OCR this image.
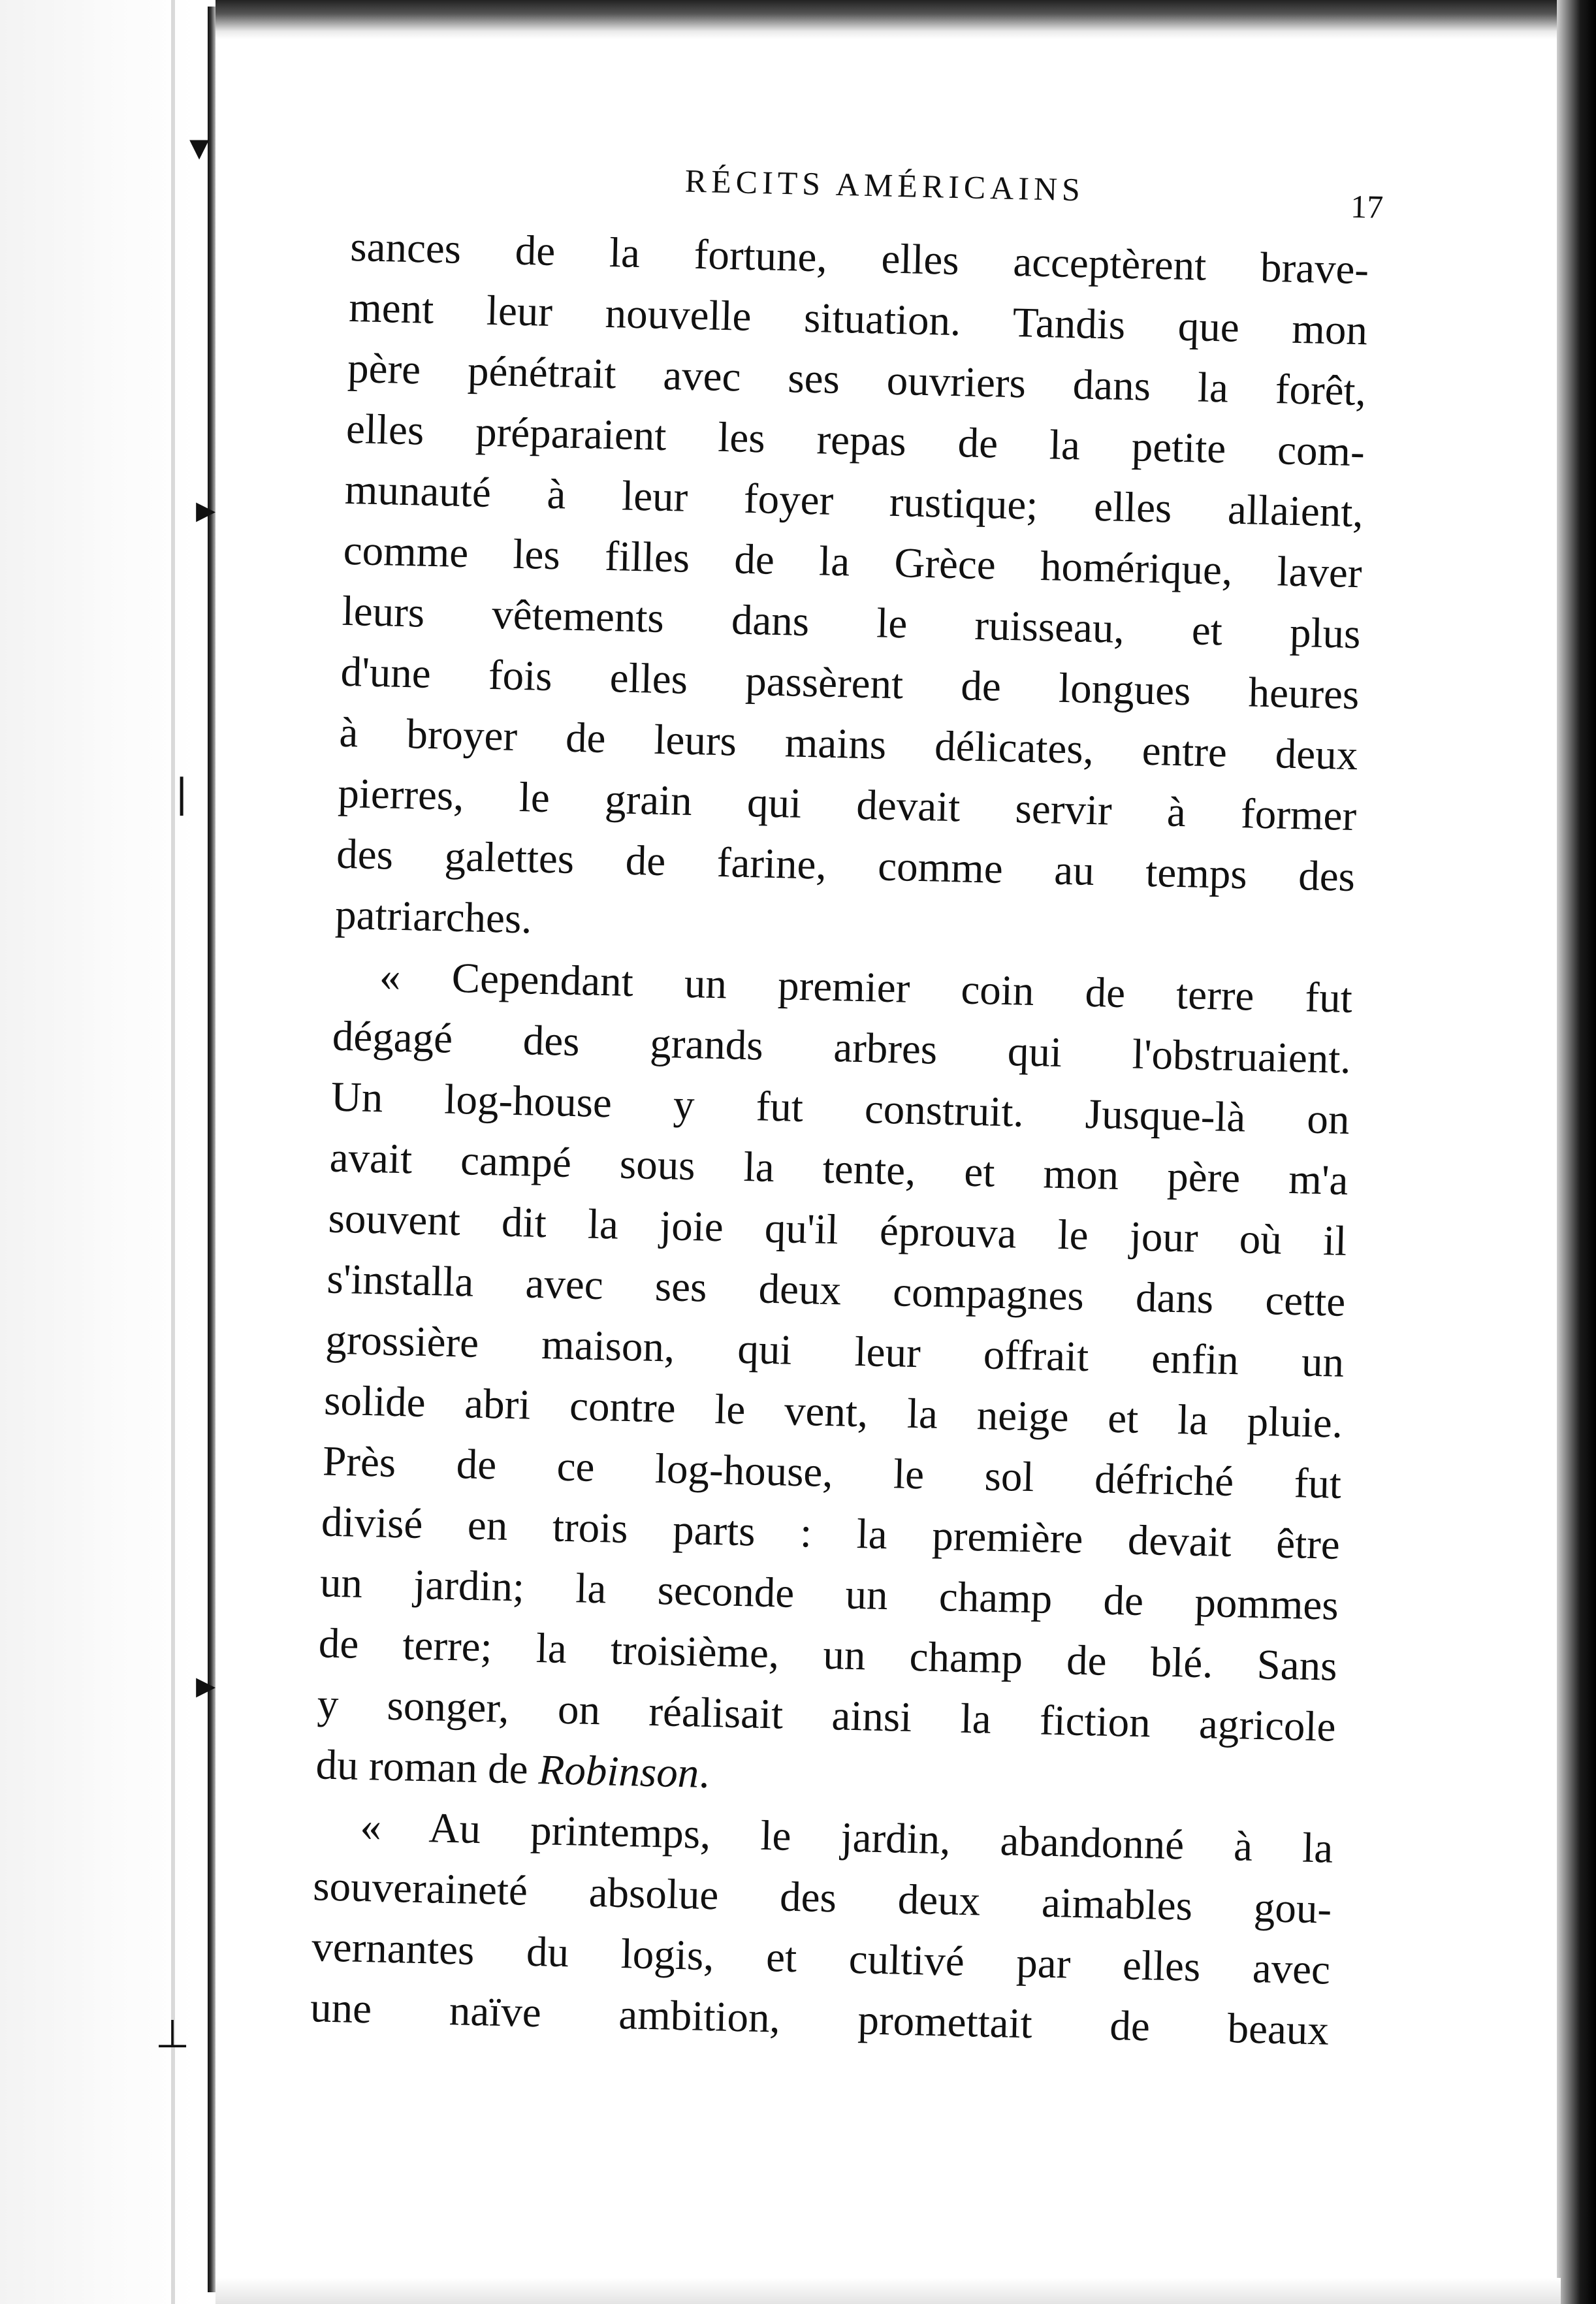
▾
▸
|
▸
⊥
RÉCITS AMÉRICAINS	17
sances de la fortune, elles acceptèrent brave-
ment leur nouvelle situation. Tandis que mon
père pénétrait avec ses ouvriers dans la forêt,
elles préparaient les repas de la petite com-
munauté à leur foyer rustique; elles allaient,
comme les filles de la Grèce homérique, laver
leurs vêtements dans le ruisseau, et plus
d'une fois elles passèrent de longues heures
à broyer de leurs mains délicates, entre deux
pierres, le grain qui devait servir à former
des galettes de farine, comme au temps des
patriarches.
« Cependant un premier coin de terre fut
dégagé des grands arbres qui l'obstruaient.
Un log-house y fut construit. Jusque-là on
avait campé sous la tente, et mon père m'a
souvent dit la joie qu'il éprouva le jour où il
s'installa avec ses deux compagnes dans cette
grossière maison, qui leur offrait enfin un
solide abri contre le vent, la neige et la pluie.
Près de ce log-house, le sol défriché fut
divisé en trois parts : la première devait être
un jardin; la seconde un champ de pommes
de terre; la troisième, un champ de blé. Sans
y songer, on réalisait ainsi la fiction agricole
du roman de Robinson.
« Au printemps, le jardin, abandonné à la
souveraineté absolue des deux aimables gou-
vernantes du logis, et cultivé par elles avec
une naïve ambition, promettait de beaux
